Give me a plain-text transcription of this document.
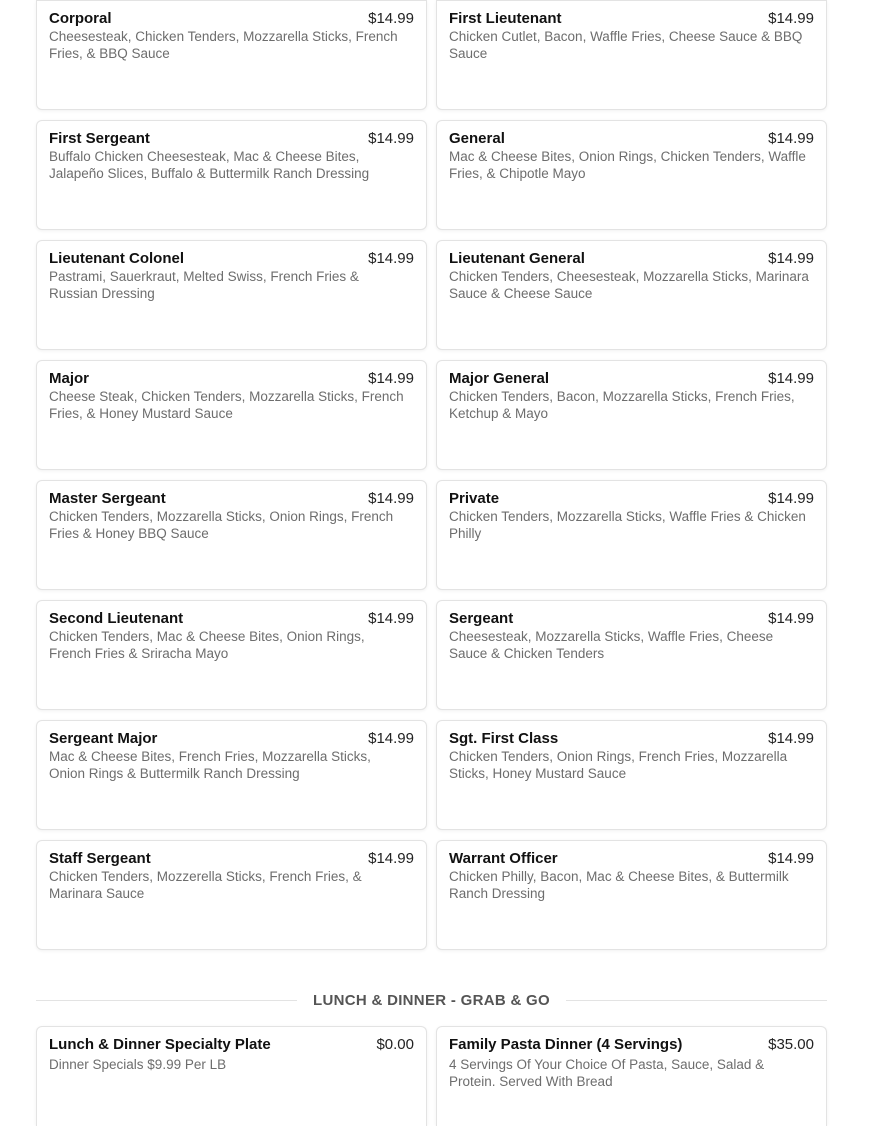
Corporal	$14.99
Cheesesteak, Chicken Tenders, Mozzarella Sticks, French Fries, & BBQ Sauce
First Lieutenant	$14.99
Chicken Cutlet, Bacon, Waffle Fries, Cheese Sauce & BBQ Sauce
First Sergeant	$14.99
Buffalo Chicken Cheesesteak, Mac & Cheese Bites, Jalapeño Slices, Buffalo & Buttermilk Ranch Dressing
General	$14.99
Mac & Cheese Bites, Onion Rings, Chicken Tenders, Waffle Fries, & Chipotle Mayo
Lieutenant Colonel	$14.99
Pastrami, Sauerkraut, Melted Swiss, French Fries & Russian Dressing
Lieutenant General	$14.99
Chicken Tenders, Cheesesteak, Mozzarella Sticks, Marinara Sauce & Cheese Sauce
Major	$14.99
Cheese Steak, Chicken Tenders, Mozzarella Sticks, French Fries, & Honey Mustard Sauce
Major General	$14.99
Chicken Tenders, Bacon, Mozzarella Sticks, French Fries, Ketchup & Mayo
Master Sergeant	$14.99
Chicken Tenders, Mozzarella Sticks, Onion Rings, French Fries & Honey BBQ Sauce
Private	$14.99
Chicken Tenders, Mozzarella Sticks, Waffle Fries & Chicken Philly
Second Lieutenant	$14.99
Chicken Tenders, Mac & Cheese Bites, Onion Rings, French Fries & Sriracha Mayo
Sergeant	$14.99
Cheesesteak, Mozzarella Sticks, Waffle Fries, Cheese Sauce & Chicken Tenders
Sergeant Major	$14.99
Mac & Cheese Bites, French Fries, Mozzarella Sticks, Onion Rings & Buttermilk Ranch Dressing
Sgt. First Class	$14.99
Chicken Tenders, Onion Rings, French Fries, Mozzarella Sticks, Honey Mustard Sauce
Staff Sergeant	$14.99
Chicken Tenders, Mozzerella Sticks, French Fries, & Marinara Sauce
Warrant Officer	$14.99
Chicken Philly, Bacon, Mac & Cheese Bites, & Buttermilk Ranch Dressing
LUNCH & DINNER - GRAB & GO
Lunch & Dinner Specialty Plate	$0.00
Dinner Specials $9.99 Per LB
Family Pasta Dinner (4 Servings)	$35.00
4 Servings Of Your Choice Of Pasta, Sauce, Salad & Protein. Served With Bread
